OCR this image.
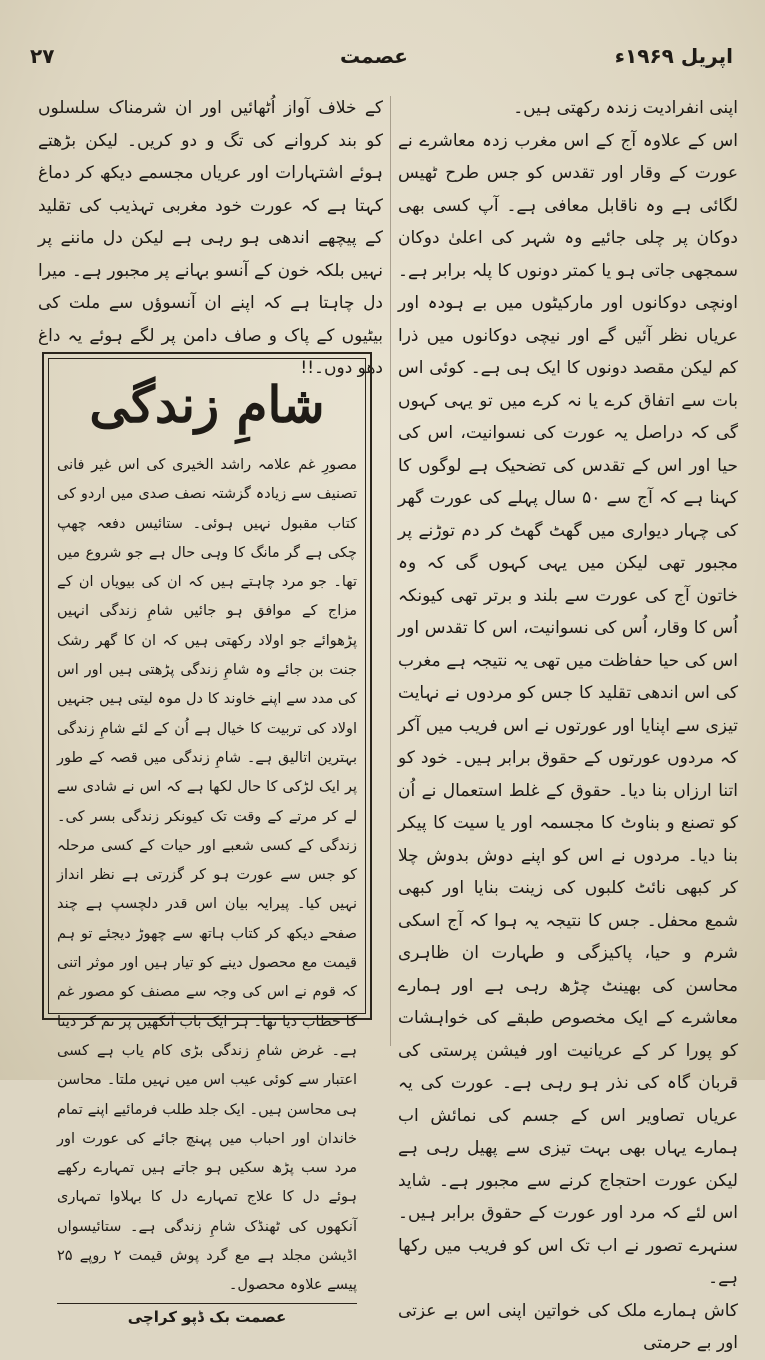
۲۷	عصمت	اپریل ۱۹۶۹ء

اپنی انفرادیت زندہ رکھتی ہیں۔

اس کے علاوہ آج کے اس مغرب زدہ معاشرے نے عورت کے وقار اور تقدس کو جس طرح ٹھیس لگائی ہے وہ ناقابل معافی ہے۔ آپ کسی بھی دوکان پر چلی جائیے وہ شہر کی اعلیٰ دوکان سمجھی جاتی ہو یا کمتر دونوں کا پلہ برابر ہے۔ اونچی دوکانوں اور مارکیٹوں میں بے ہودہ اور عریاں نظر آئیں گے اور نیچی دوکانوں میں ذرا کم لیکن مقصد دونوں کا ایک ہی ہے۔ کوئی اس بات سے اتفاق کرے یا نہ کرے میں تو یہی کہوں گی کہ دراصل یہ عورت کی نسوانیت، اس کی حیا اور اس کے تقدس کی تضحیک ہے لوگوں کا کہنا ہے کہ آج سے ۵۰ سال پہلے کی عورت گھر کی چہار دیواری میں گھٹ گھٹ کر دم توڑنے پر مجبور تھی لیکن میں یہی کہوں گی کہ وہ خاتون آج کی عورت سے بلند و برتر تھی کیونکہ اُس کا وقار، اُس کی نسوانیت، اس کا تقدس اور اس کی حیا حفاظت میں تھی یہ نتیجہ ہے مغرب کی اس اندھی تقلید کا جس کو مردوں نے نہایت تیزی سے اپنایا اور عورتوں نے اس فریب میں آکر کہ مردوں عورتوں کے حقوق برابر ہیں۔ خود کو اتنا ارزاں بنا دیا۔ حقوق کے غلط استعمال نے اُن کو تصنع و بناوٹ کا مجسمہ اور یا سیت کا پیکر بنا دیا۔ مردوں نے اس کو اپنے دوش بدوش چلا کر کبھی نائٹ کلبوں کی زینت بنایا اور کبھی شمع محفل۔ جس کا نتیجہ یہ ہوا کہ آج اسکی شرم و حیا، پاکیزگی و طہارت ان ظاہری محاسن کی بھینٹ چڑھ رہی ہے اور ہمارے معاشرے کے ایک مخصوص طبقے کی خواہشات کو پورا کر کے عریانیت اور فیشن پرستی کی قربان گاہ کی نذر ہو رہی ہے۔ عورت کی یہ عریاں تصاویر اس کے جسم کی نمائش اب ہمارے یہاں بھی بہت تیزی سے پھیل رہی ہے لیکن عورت احتجاج کرنے سے مجبور ہے۔ شاید اس لئے کہ مرد اور عورت کے حقوق برابر ہیں۔ سنہرے تصور نے اب تک اس کو فریب میں رکھا ہے۔

کاش ہمارے ملک کی خواتین اپنی اس بے عزتی اور بے حرمتی

کے خلاف آواز اُٹھائیں اور ان شرمناک سلسلوں کو بند کروانے کی تگ و دو کریں۔ لیکن بڑھتے ہوئے اشتہارات اور عریاں مجسمے دیکھ کر دماغ کہتا ہے کہ عورت خود مغربی تہذیب کی تقلید کے پیچھے اندھی ہو رہی ہے لیکن دل ماننے پر نہیں بلکہ خون کے آنسو بہانے پر مجبور ہے۔ میرا دل چاہتا ہے کہ اپنے ان آنسوؤں سے ملت کی بیٹیوں کے پاک و صاف دامن پر لگے ہوئے یہ داغ دھو دوں۔!!

شامِ زندگی
مصورِ غم علامہ راشد الخیری کی اس غیر فانی تصنیف سے زیادہ گزشتہ نصف صدی میں اردو کی کتاب مقبول نہیں ہوئی۔ ستائیس دفعہ چھپ چکی ہے گر مانگ کا وہی حال ہے جو شروع میں تھا۔ جو مرد چاہتے ہیں کہ ان کی بیویاں ان کے مزاج کے موافق ہو جائیں شامِ زندگی انہیں پڑھوائے جو اولاد رکھتی ہیں کہ ان کا گھر رشک جنت بن جائے وہ شامِ زندگی پڑھتی ہیں اور اس کی مدد سے اپنے خاوند کا دل موہ لیتی ہیں جنہیں اولاد کی تربیت کا خیال ہے اُن کے لئے شامِ زندگی بہترین اتالیق ہے۔ شامِ زندگی میں قصہ کے طور پر ایک لڑکی کا حال لکھا ہے کہ اس نے شادی سے لے کر مرتے کے وقت تک کیونکر زندگی بسر کی۔ زندگی کے کسی شعبے اور حیات کے کسی مرحلہ کو جس سے عورت ہو کر گزرتی ہے نظر انداز نہیں کیا۔ پیرایہ بیان اس قدر دلچسپ ہے چند صفحے دیکھ کر کتاب ہاتھ سے چھوڑ دیجئے تو ہم قیمت مع محصول دینے کو تیار ہیں اور موثر اتنی کہ قوم نے اس کی وجہ سے مصنف کو مصور غم کا خطاب دیا تھا۔ ہر ایک باب آنکھیں پر نم کر دیتا ہے۔ غرض شامِ زندگی بڑی کام یاب ہے کسی اعتبار سے کوئی عیب اس میں نہیں ملتا۔ محاسن ہی محاسن ہیں۔ ایک جلد طلب فرمائیے اپنے تمام خاندان اور احباب میں پہنچ جائے کی عورت اور مرد سب پڑھ سکیں ہو جاتے ہیں تمہارے رکھے ہوئے دل کا علاج تمہارے دل کا بہلاوا تمہاری آنکھوں کی ٹھنڈک شامِ زندگی ہے۔ ستائیسواں اڈیشن مجلد ہے مع گرد پوش قیمت ۲ روپے ۲۵ پیسے علاوہ محصول۔
عصمت بک ڈپو کراچی
